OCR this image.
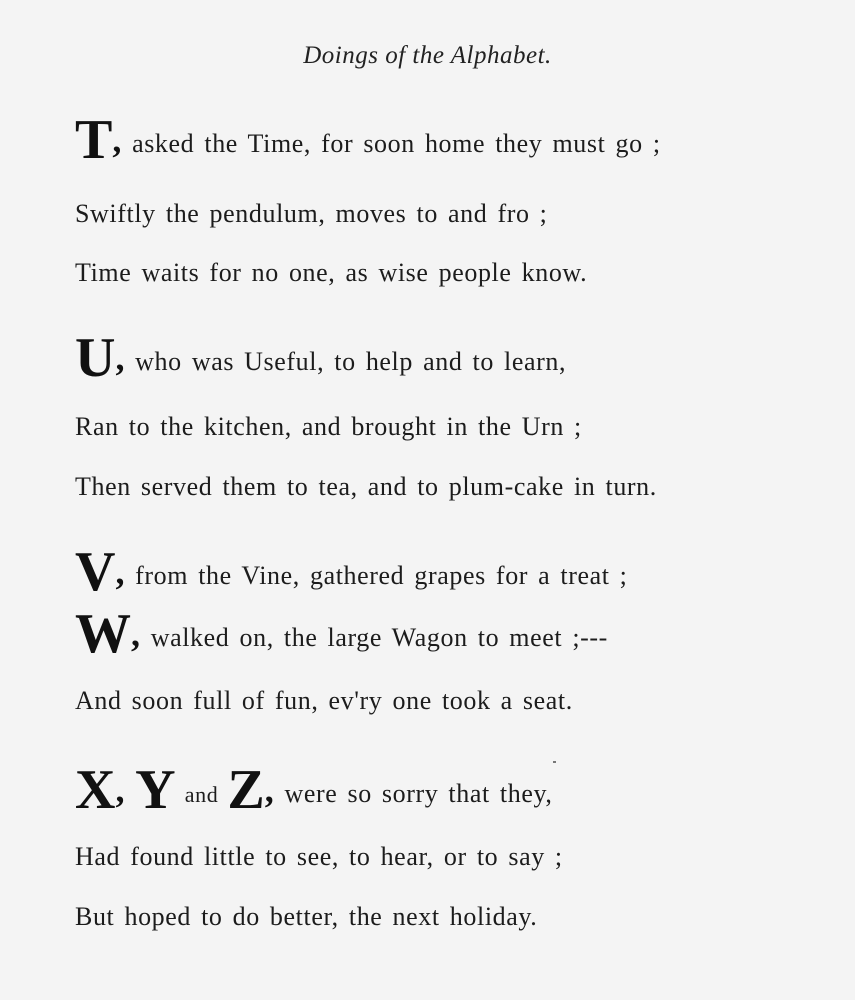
Doings of the Alphabet.
T, asked the Time, for soon home they must go ;
Swiftly the pendulum, moves to and fro ;
Time waits for no one, as wise people know.
U, who was Useful, to help and to learn,
Ran to the kitchen, and brought in the Urn ;
Then served them to tea, and to plum-cake in turn.
V, from the Vine, gathered grapes for a treat ;
W, walked on, the large Wagon to meet ;---
And soon full of fun, ev'ry one took a seat.
X, Y and Z, were so sorry that they,
Had found little to see, to hear, or to say ;
But hoped to do better, the next holiday.
